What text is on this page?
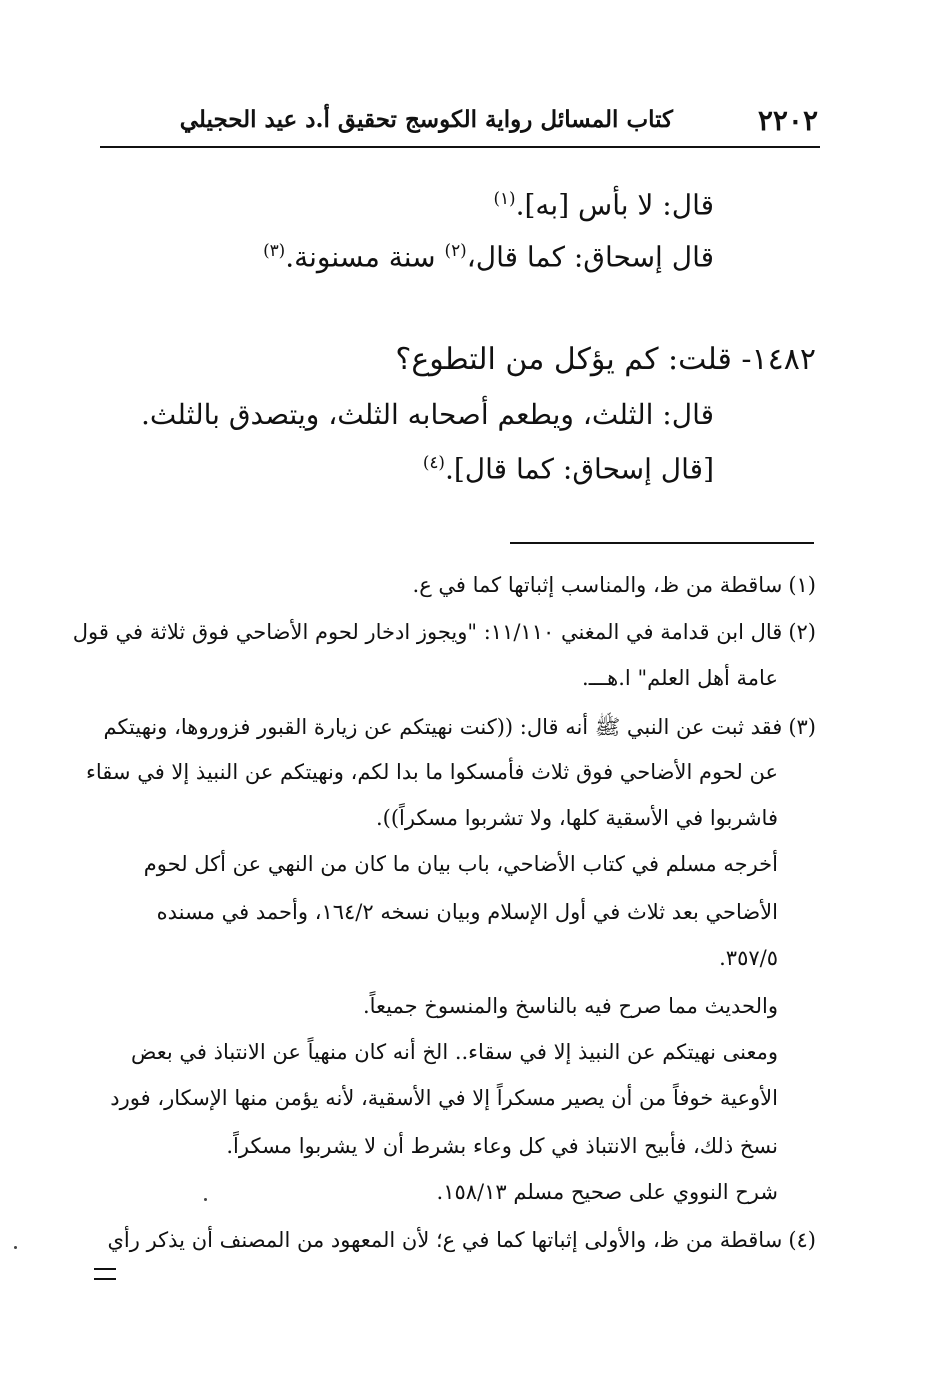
٢٢٠٢
كتاب المسائل رواية الكوسج تحقيق أ.د عيد الحجيلي
قال: لا بأس [به].$^{(١)}$
قال إسحاق: كما قال،$^{(٢)}$ سنة مسنونة.$^{(٣)}$
١٤٨٢- قلت: كم يؤكل من التطوع؟
قال: الثلث، ويطعم أصحابه الثلث، ويتصدق بالثلث.
[قال إسحاق: كما قال].$^{(٤)}$
(١)ساقطة من ظ، والمناسب إثباتها كما في ع.
(٢)قال ابن قدامة في المغني ١١/١١٠: "ويجوز ادخار لحوم الأضاحي فوق ثلاثة في قول
عامة أهل العلم" ا.هـــ.
(٣)فقد ثبت عن النبي ﷺ أنه قال: ((كنت نهيتكم عن زيارة القبور فزوروها، ونهيتكم
عن لحوم الأضاحي فوق ثلاث فأمسكوا ما بدا لكم، ونهيتكم عن النبيذ إلا في سقاء
فاشربوا في الأسقية كلها، ولا تشربوا مسكراً)).
أخرجه مسلم في كتاب الأضاحي، باب بيان ما كان من النهي عن أكل لحوم
الأضاحي بعد ثلاث في أول الإسلام وبيان نسخه ١٦٤/٢، وأحمد في مسنده
٣٥٧/٥.
والحديث مما صرح فيه بالناسخ والمنسوخ جميعاً.
ومعنى نهيتكم عن النبيذ إلا في سقاء.. الخ أنه كان منهياً عن الانتباذ في بعض
الأوعية خوفاً من أن يصير مسكراً إلا في الأسقية، لأنه يؤمن منها الإسكار، فورد
نسخ ذلك، فأبيح الانتباذ في كل وعاء بشرط أن لا يشربوا مسكراً.
شرح النووي على صحيح مسلم ١٥٨/١٣.
(٤)ساقطة من ظ، والأولى إثباتها كما في ع؛ لأن المعهود من المصنف أن يذكر رأي
